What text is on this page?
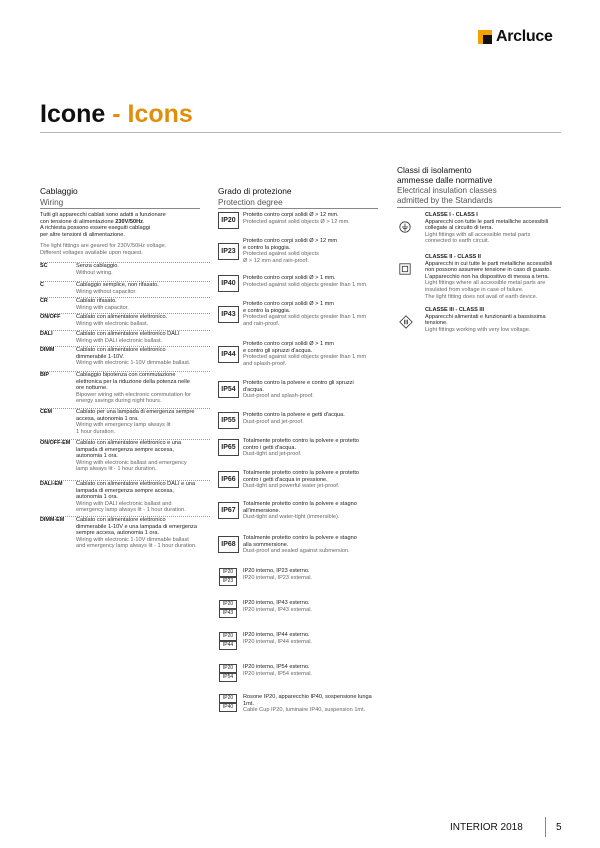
Arcluce
Icone - Icons
Cablaggio
Wiring
Grado di protezione
Protection degree
Classi di isolamento
ammesse dalle normative
Electrical insulation classes
admitted by the Standards
Tutti gli apparecchi cablati sono adatti a funzionare
con tensione di alimentazione 230V/50Hz.
A richiesta possono essere eseguiti cablaggi
per altre tensioni di alimentazione.
The light fittings are geared for 230V/50Hz voltage.
Different voltages available upon request.
SC	Senza cablaggio.
Without wiring.
C	Cablaggio semplice, non rifasato.
Wiring without capacitor.
CR	Cablato rifasato.
Wiring with capacitor.
ON/OFF	Cablato con alimentatore elettronico.
Wiring with electronic ballast.
DALI	Cablato con alimentatore elettronico DALI
Wiring with DALI electronic ballast.
DIMM	Cablato con alimentatore elettronico
dimmerabile 1-10V.
Wiring with electronic 1-10V dimmable ballast.
BIP	Cablaggio bipotenza con commutazione
elettronica per la riduzione della potenza nelle
ore notturne.
Bipower wiring with electronic commutation for
energy savings during night hours.
CEM	Cablato per una lampada di emergenza sempre
accesa, autonomia 1 ora.
Wiring with emergency lamp always lit
1 hour duration.
ON/OFF-EM Cablato con alimentatore elettronico e una
lampada di emergenza sempre accesa,
autonomia 1 ora.
Wiring with electronic ballast and emergency
lamp always lit - 1 hour duration.
DALI-EM Cablato con alimentatore elettronico DALI e una
lampada di emergenza sempre accesa,
autonomia 1 ora.
Wiring with DALI electronic ballast and
emergency lamp always lit - 1 hour duration.
DIMM-EM Cablato con alimentatore elettronico
dimmerabile 1-10V e una lampada di emergenza
sempre accesa, autonomia 1 ora.
Wiring with electronic 1-10V dimmable ballast
and emergency lamp always lit - 1 hour duration.
IP20
Protetto contro corpi solidi Ø > 12 mm.
Protected against solid objects Ø > 12 mm.
IP23
Protetto contro corpi solidi Ø > 12 mm
e contro la pioggia.
Protected against solid objects
Ø > 12 mm and rain-proof.
IP40
Protetto contro corpi solidi Ø > 1 mm.
Protected against solid objects greater than 1 mm.
IP43
Protetto contro corpi solidi Ø > 1 mm
e contro la pioggia.
Protected against solid objects greater than 1 mm
and rain-proof.
IP44
Protetto contro corpi solidi Ø > 1 mm
e contro gli spruzzi d'acqua.
Protected against solid objects greater than 1 mm
and splash-proof.
IP54
Protetto contro la polvere e contro gli spruzzi
d'acqua.
Dust-proof and splash-proof.
IP55
Protetto contro la polvere e getti d'acqua.
Dust-proof and jet-proof.
IP65
Totalmente protetto contro la polvere e protetto
contro i getti d'acqua.
Dust-tight and jet-proof.
IP66
Totalmente protetto contro la polvere e protetto
contro i getti d'acqua in pressione.
Dust-tight and powerful water jet-proof.
IP67
Totalmente protetto contro la polvere e stagno
all'immersione.
Dust-tight and water-tight (immersible).
IP68
Totalmente protetto contro la polvere e stagno
alla sommersione.
Dust-proof and sealed against submersion.
IP20
IP23
IP20 interno, IP23 esterno.
IP20 internal, IP23 external.
IP20
IP43
IP20 interno, IP43 esterno.
IP20 internal, IP43 external.
IP20
IP44
IP20 interno, IP44 esterno.
IP20 internal, IP44 external.
IP20
IP54
IP20 interno, IP54 esterno.
IP20 internal, IP54 external.
IP20
IP40
Rosone IP20, apparecchio IP40, sospensione lunga
1mt.
Cable Cup IP20, luminaire IP40, suspension 1mt.
CLASSE I - CLASS I
Apparecchi con tutte le parti metalliche accessibili
collegate al circuito di terra.
Light fittings with all accessible metal parts
connected to earth circuit.
CLASSE II - CLASS II
Apparecchi in cui tutte le parti metalliche accessibili
non possono assumere tensione in caso di guasto.
L'apparecchio non ha dispositivo di messa a terra.
Light fittings where all accessible metal parts are
insulated from voltage in case of failure.
The light fitting does not avail of earth device.
CLASSE III - CLASS III
Apparecchi alimentati e funzionanti a bassissima
tensione.
Light fittings working with very low voltage.
INTERIOR 2018	5
